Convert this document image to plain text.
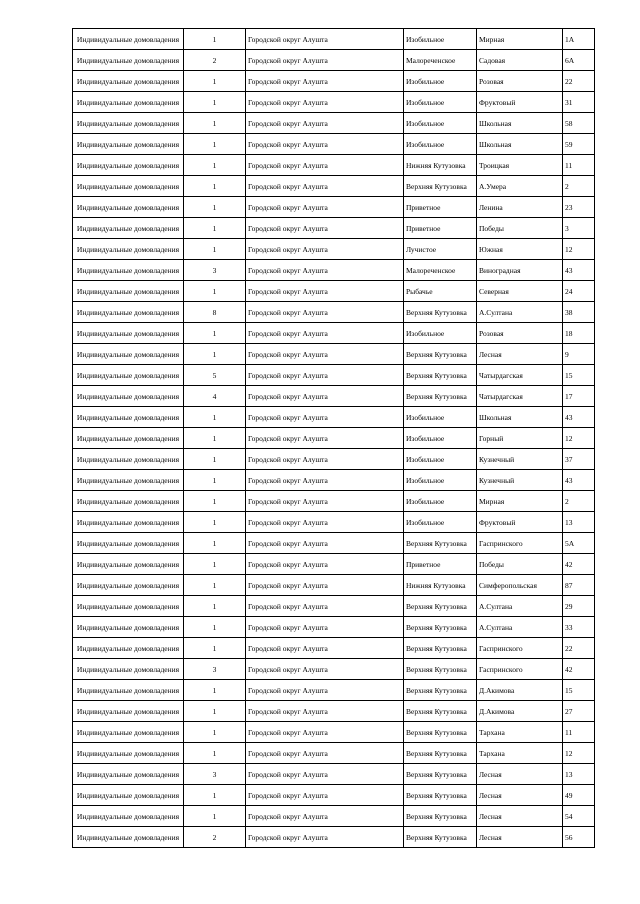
Индивидуальные домовладения	1	Городской округ Алушта	Изобильное	Мирная	1А
Индивидуальные домовладения	2	Городской округ Алушта	Малореченское	Садовая	6А
Индивидуальные домовладения	1	Городской округ Алушта	Изобильное	Розовая	22
Индивидуальные домовладения	1	Городской округ Алушта	Изобильное	Фруктовый	31
Индивидуальные домовладения	1	Городской округ Алушта	Изобильное	Школьная	58
Индивидуальные домовладения	1	Городской округ Алушта	Изобильное	Школьная	59
Индивидуальные домовладения	1	Городской округ Алушта	Нижняя Кутузовка	Троицкая	11
Индивидуальные домовладения	1	Городской округ Алушта	Верхняя Кутузовка	А.Умера	2
Индивидуальные домовладения	1	Городской округ Алушта	Приветное	Ленина	23
Индивидуальные домовладения	1	Городской округ Алушта	Приветное	Победы	3
Индивидуальные домовладения	1	Городской округ Алушта	Лучистое	Южная	12
Индивидуальные домовладения	3	Городской округ Алушта	Малореченское	Виноградная	43
Индивидуальные домовладения	1	Городской округ Алушта	Рыбачье	Северная	24
Индивидуальные домовладения	8	Городской округ Алушта	Верхняя Кутузовка	А.Султана	38
Индивидуальные домовладения	1	Городской округ Алушта	Изобильное	Розовая	18
Индивидуальные домовладения	1	Городской округ Алушта	Верхняя Кутузовка	Лесная	9
Индивидуальные домовладения	5	Городской округ Алушта	Верхняя Кутузовка	Чатырдагская	15
Индивидуальные домовладения	4	Городской округ Алушта	Верхняя Кутузовка	Чатырдагская	17
Индивидуальные домовладения	1	Городской округ Алушта	Изобильное	Школьная	43
Индивидуальные домовладения	1	Городской округ Алушта	Изобильное	Горный	12
Индивидуальные домовладения	1	Городской округ Алушта	Изобильное	Кузнечный	37
Индивидуальные домовладения	1	Городской округ Алушта	Изобильное	Кузнечный	43
Индивидуальные домовладения	1	Городской округ Алушта	Изобильное	Мирная	2
Индивидуальные домовладения	1	Городской округ Алушта	Изобильное	Фруктовый	13
Индивидуальные домовладения	1	Городской округ Алушта	Верхняя Кутузовка	Гаспринского	5А
Индивидуальные домовладения	1	Городской округ Алушта	Приветное	Победы	42
Индивидуальные домовладения	1	Городской округ Алушта	Нижняя Кутузовка	Симферопольская	87
Индивидуальные домовладения	1	Городской округ Алушта	Верхняя Кутузовка	А.Султана	29
Индивидуальные домовладения	1	Городской округ Алушта	Верхняя Кутузовка	А.Султана	33
Индивидуальные домовладения	1	Городской округ Алушта	Верхняя Кутузовка	Гаспринского	22
Индивидуальные домовладения	3	Городской округ Алушта	Верхняя Кутузовка	Гаспринского	42
Индивидуальные домовладения	1	Городской округ Алушта	Верхняя Кутузовка	Д.Акимова	15
Индивидуальные домовладения	1	Городской округ Алушта	Верхняя Кутузовка	Д.Акимова	27
Индивидуальные домовладения	1	Городской округ Алушта	Верхняя Кутузовка	Тархана	11
Индивидуальные домовладения	1	Городской округ Алушта	Верхняя Кутузовка	Тархана	12
Индивидуальные домовладения	3	Городской округ Алушта	Верхняя Кутузовка	Лесная	13
Индивидуальные домовладения	1	Городской округ Алушта	Верхняя Кутузовка	Лесная	49
Индивидуальные домовладения	1	Городской округ Алушта	Верхняя Кутузовка	Лесная	54
Индивидуальные домовладения	2	Городской округ Алушта	Верхняя Кутузовка	Лесная	56
